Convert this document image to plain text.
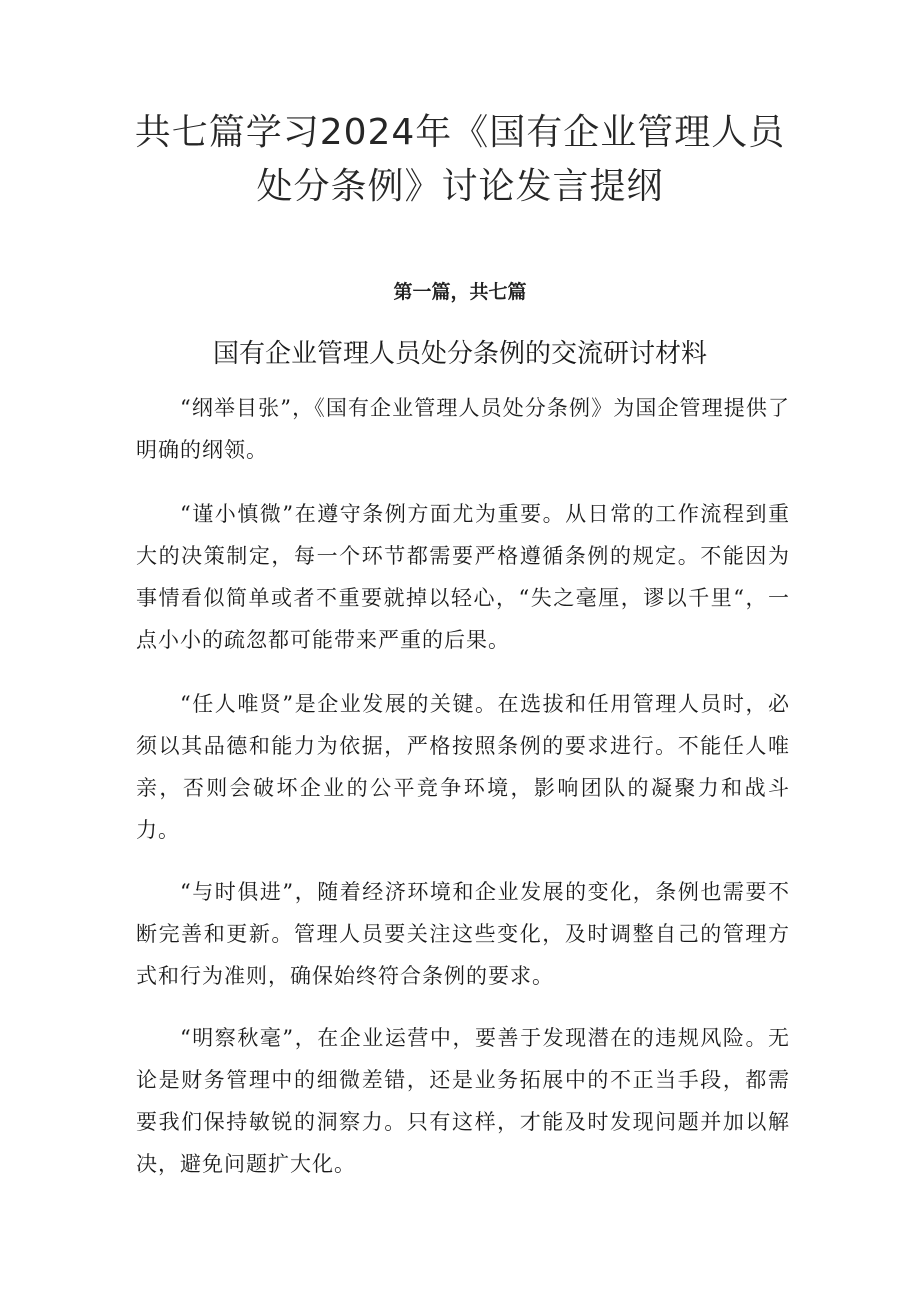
共七篇学习2024年《国有企业管理人员处分条例》讨论发言提纲
第一篇，共七篇
国有企业管理人员处分条例的交流研讨材料

“纲举目张”，《国有企业管理人员处分条例》为国企管理提供了明确的纲领。

“谨小慎微”在遵守条例方面尤为重要。从日常的工作流程到重大的决策制定，每一个环节都需要严格遵循条例的规定。不能因为事情看似简单或者不重要就掉以轻心，“失之毫厘，谬以千里“，一点小小的疏忽都可能带来严重的后果。

“任人唯贤”是企业发展的关键。在选拔和任用管理人员时，必须以其品德和能力为依据，严格按照条例的要求进行。不能任人唯亲，否则会破坏企业的公平竞争环境，影响团队的凝聚力和战斗力。

“与时俱进”，随着经济环境和企业发展的变化，条例也需要不断完善和更新。管理人员要关注这些变化，及时调整自己的管理方式和行为准则，确保始终符合条例的要求。

“明察秋毫”，在企业运营中，要善于发现潜在的违规风险。无论是财务管理中的细微差错，还是业务拓展中的不正当手段，都需要我们保持敏锐的洞察力。只有这样，才能及时发现问题并加以解决，避免问题扩大化。
